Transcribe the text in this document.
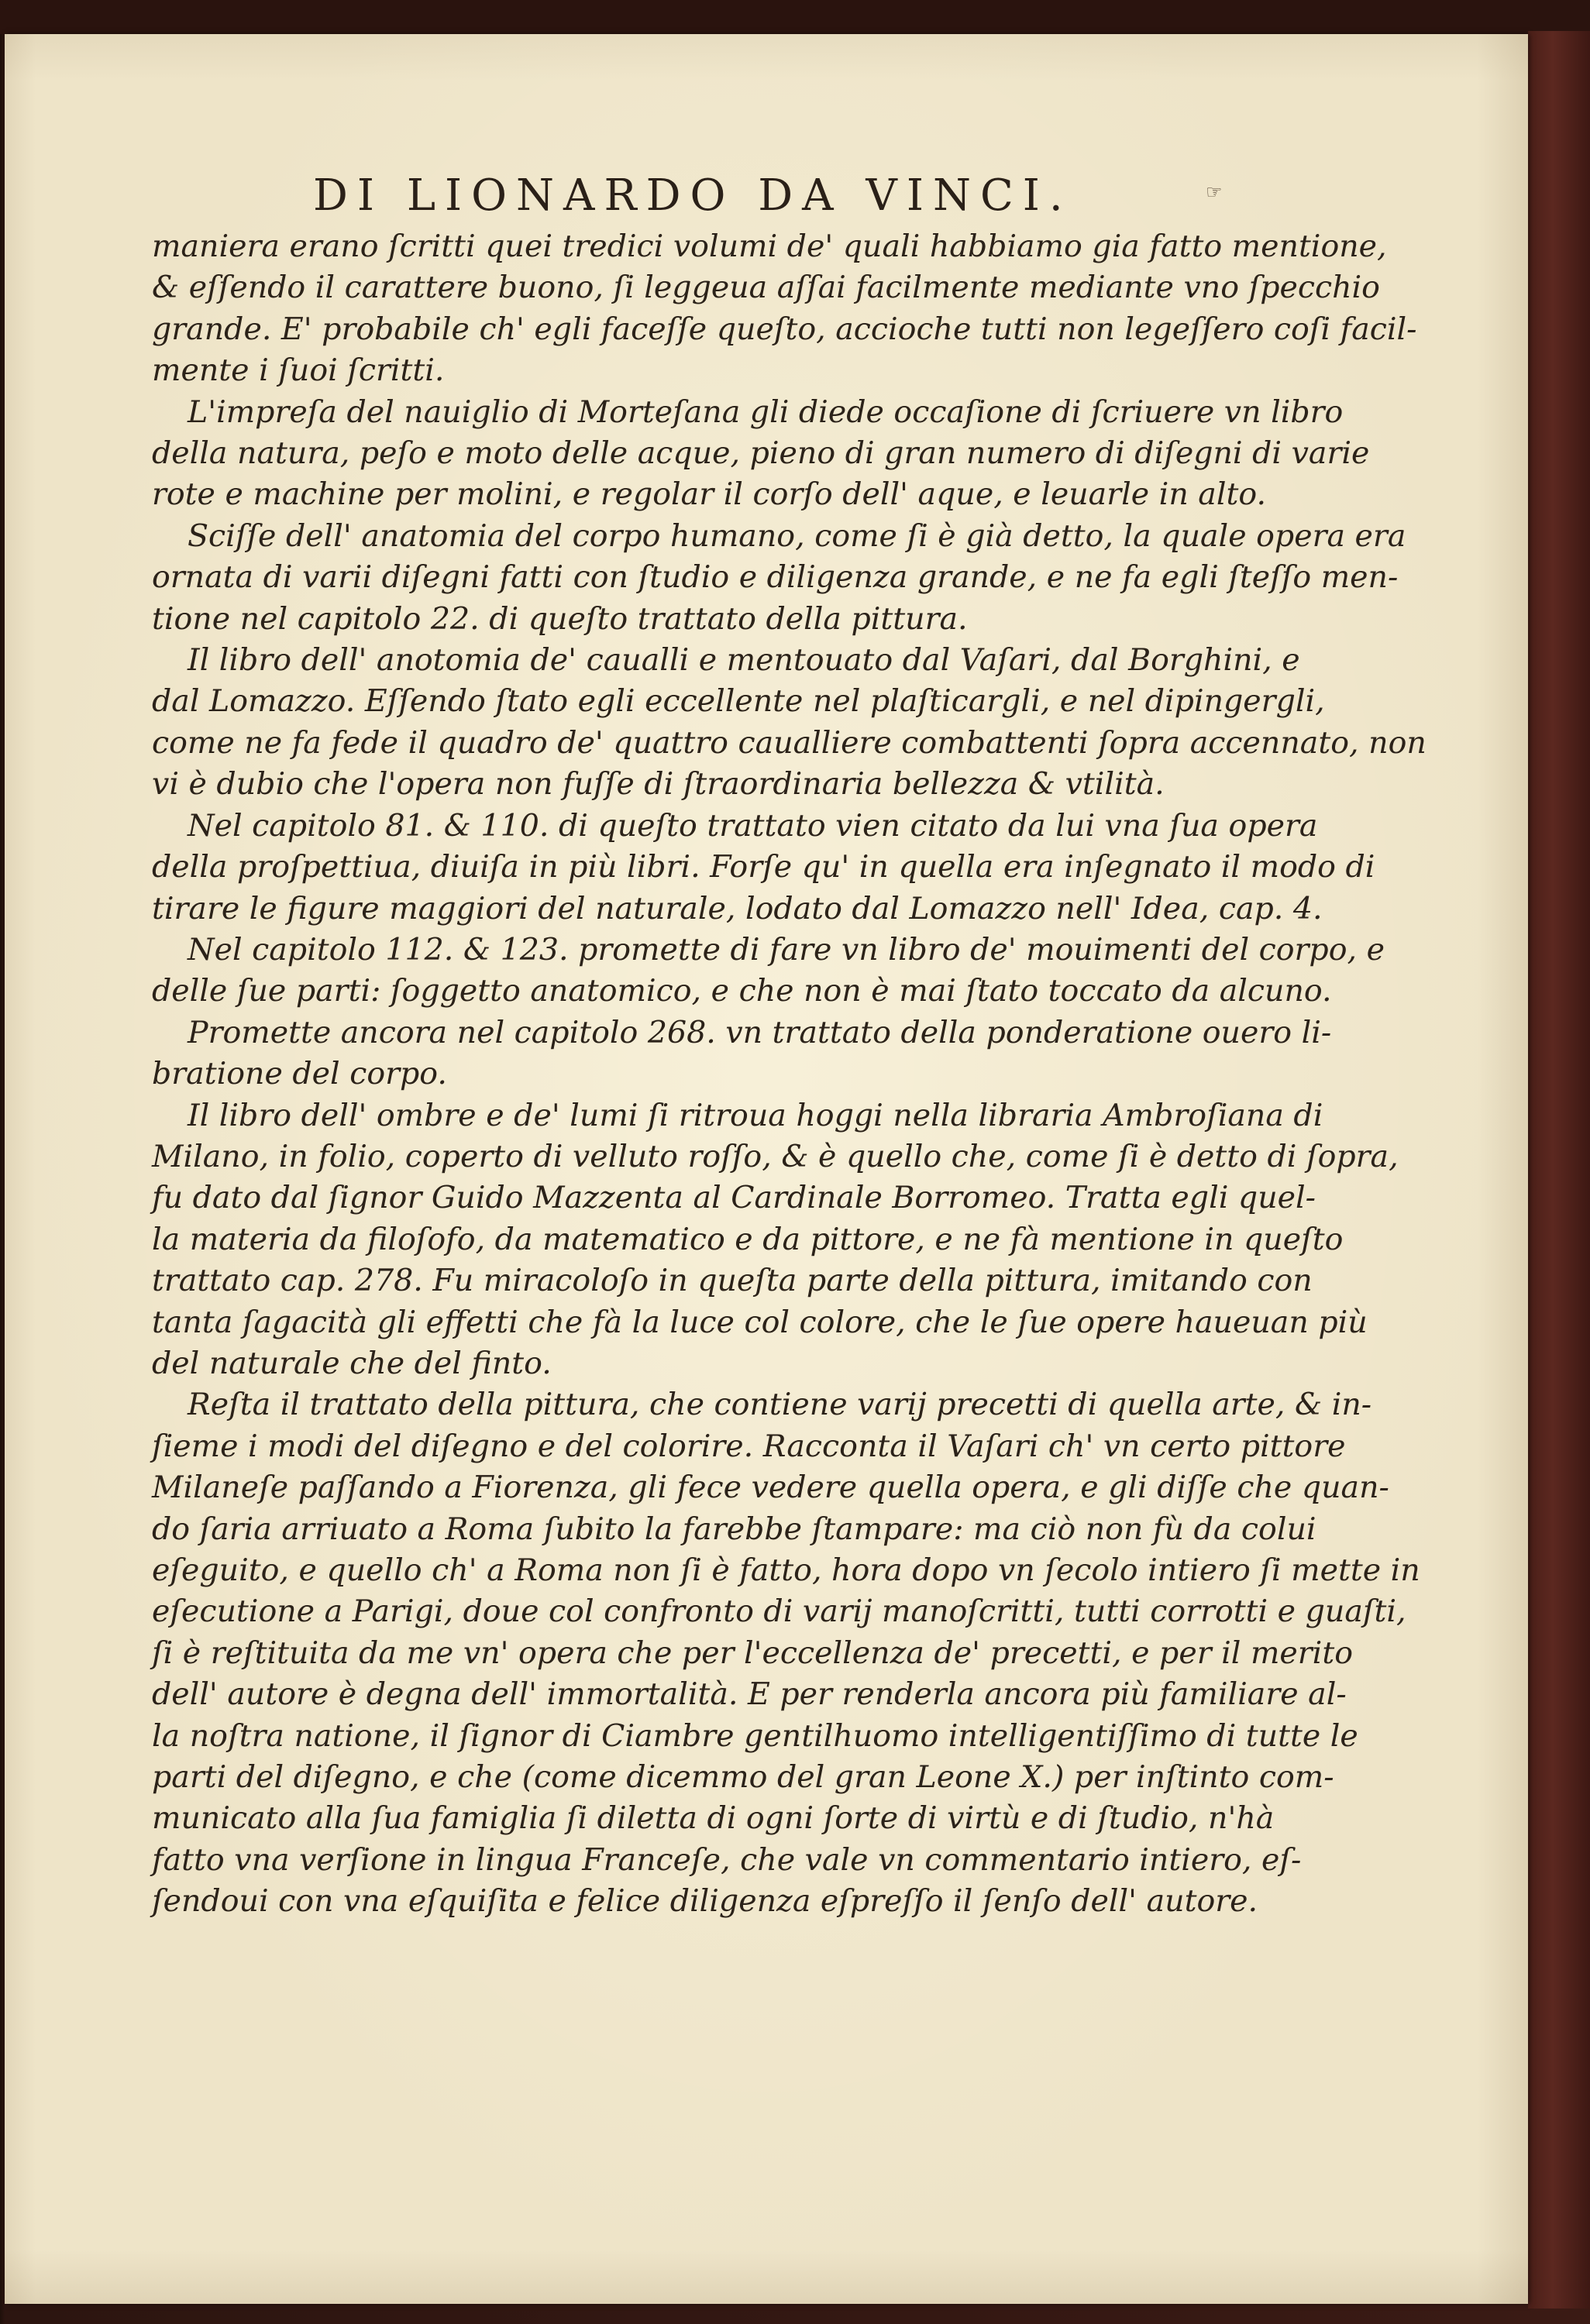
DI LIONARDO DA VINCI.	☞
maniera erano ſcritti quei tredici volumi de' quali habbiamo gia fatto mentione,
& eſſendo il carattere buono, ſi leggeua aſſai facilmente mediante vno ſpecchio
grande. E' probabile ch' egli faceſſe queſto, accioche tutti non legeſſero coſi facil-
mente i ſuoi ſcritti.
L'impreſa del nauiglio di Morteſana gli diede occaſione di ſcriuere vn libro
della natura, peſo e moto delle acque, pieno di gran numero di diſegni di varie
rote e machine per molini, e regolar il corſo dell' aque, e leuarle in alto.
Sciſſe dell' anatomia del corpo humano, come ſi è già detto, la quale opera era
ornata di varii diſegni fatti con ſtudio e diligenza grande, e ne fa egli ſteſſo men-
tione nel capitolo 22. di queſto trattato della pittura.
Il libro dell' anotomia de' caualli e mentouato dal Vaſari, dal Borghini, e
dal Lomazzo. Eſſendo ſtato egli eccellente nel plaſticargli, e nel dipingergli,
come ne fa fede il quadro de' quattro caualliere combattenti ſopra accennato, non
vi è dubio che l'opera non fuſſe di ſtraordinaria bellezza & vtilità.
Nel capitolo 81. & 110. di queſto trattato vien citato da lui vna ſua opera
della proſpettiua, diuiſa in più libri. Forſe qu' in quella era inſegnato il modo di
tirare le figure maggiori del naturale, lodato dal Lomazzo nell' Idea, cap. 4.
Nel capitolo 112. & 123. promette di fare vn libro de' mouimenti del corpo, e
delle ſue parti: ſoggetto anatomico, e che non è mai ſtato toccato da alcuno.
Promette ancora nel capitolo 268. vn trattato della ponderatione ouero li-
bratione del corpo.
Il libro dell' ombre e de' lumi ſi ritroua hoggi nella libraria Ambroſiana di
Milano, in folio, coperto di velluto roſſo, & è quello che, come ſi è detto di ſopra,
fu dato dal ſignor Guido Mazzenta al Cardinale Borromeo. Tratta egli quel-
la materia da filoſofo, da matematico e da pittore, e ne fà mentione in queſto
trattato cap. 278. Fu miracoloſo in queſta parte della pittura, imitando con
tanta ſagacità gli effetti che fà la luce col colore, che le ſue opere haueuan più
del naturale che del finto.
Reſta il trattato della pittura, che contiene varij precetti di quella arte, & in-
ſieme i modi del diſegno e del colorire. Racconta il Vaſari ch' vn certo pittore
Milaneſe paſſando a Fiorenza, gli fece vedere quella opera, e gli diſſe che quan-
do ſaria arriuato a Roma ſubito la farebbe ſtampare: ma ciò non fù da colui
eſeguito, e quello ch' a Roma non ſi è fatto, hora dopo vn ſecolo intiero ſi mette in
eſecutione a Parigi, doue col confronto di varij manoſcritti, tutti corrotti e guaſti,
ſi è reſtituita da me vn' opera che per l'eccellenza de' precetti, e per il merito
dell' autore è degna dell' immortalità. E per renderla ancora più familiare al-
la noſtra natione, il ſignor di Ciambre gentilhuomo intelligentiſſimo di tutte le
parti del diſegno, e che (come dicemmo del gran Leone X.) per inſtinto com-
municato alla ſua famiglia ſi diletta di ogni ſorte di virtù e di ſtudio, n'hà
fatto vna verſione in lingua Franceſe, che vale vn commentario intiero, eſ-
ſendoui con vna eſquiſita e felice diligenza eſpreſſo il ſenſo dell' autore.
